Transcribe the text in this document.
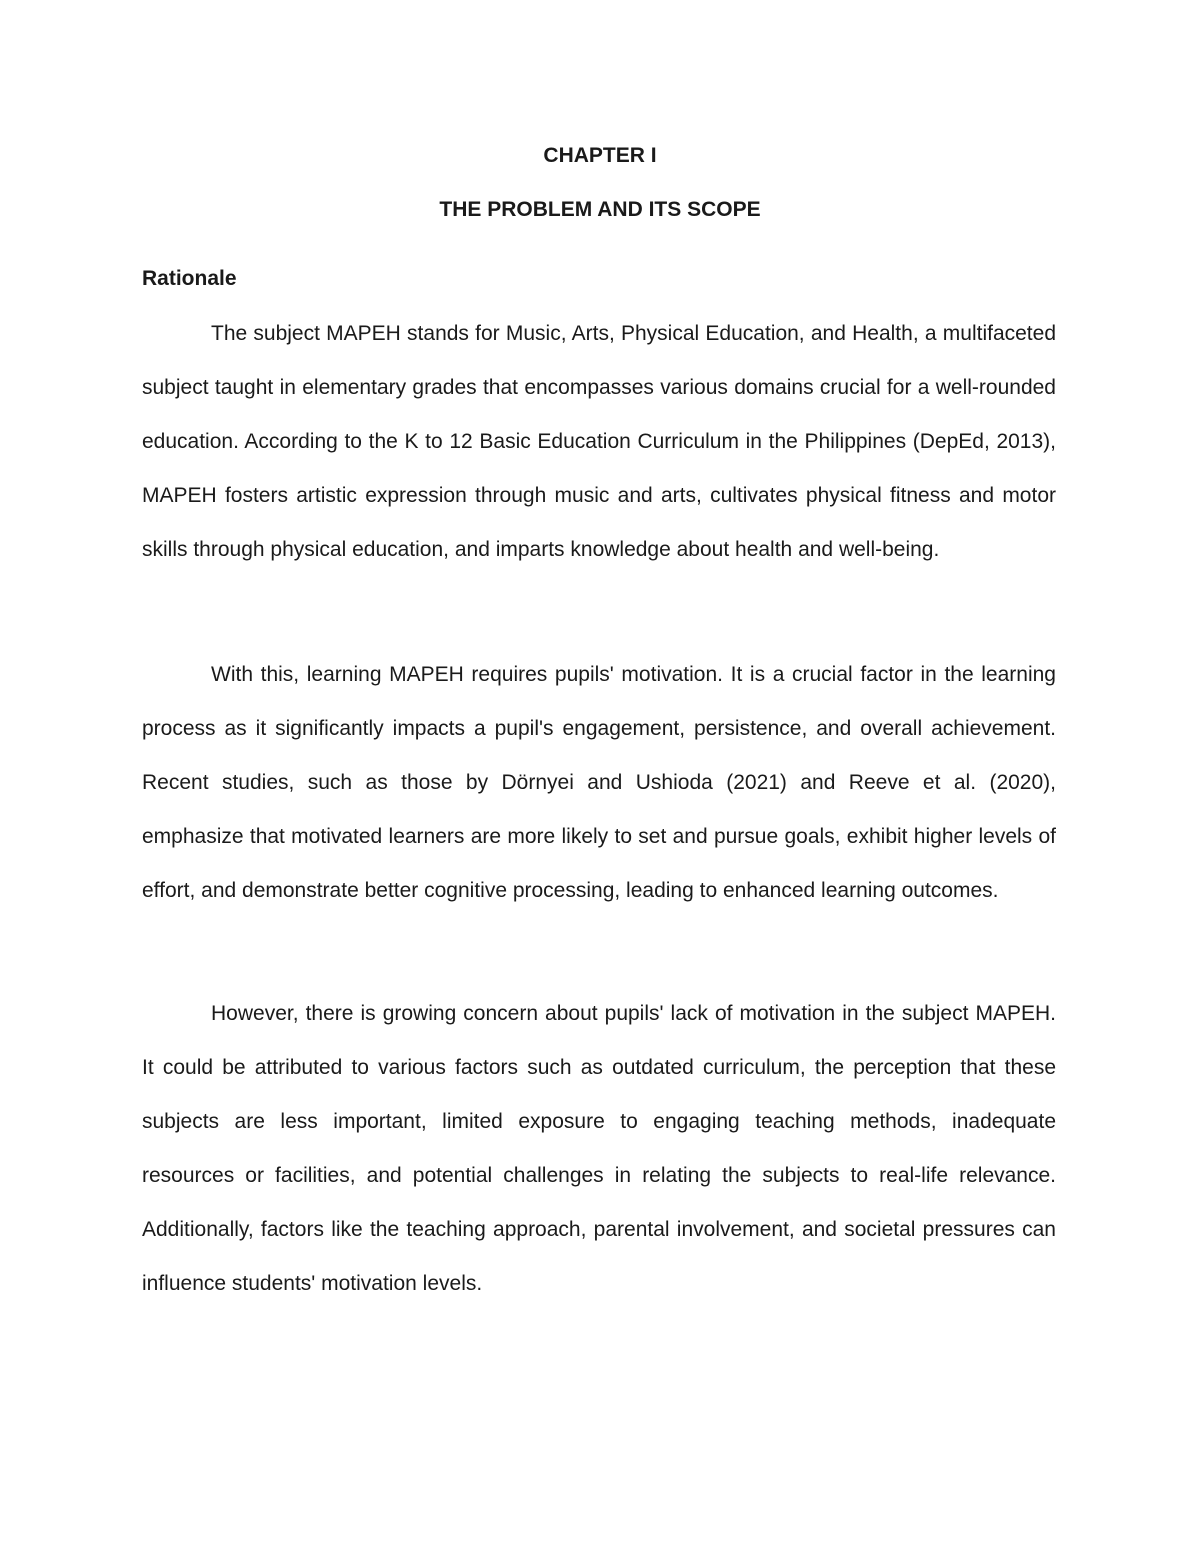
CHAPTER I
THE PROBLEM AND ITS SCOPE
Rationale

The subject MAPEH stands for Music, Arts, Physical Education, and Health, a multifaceted subject taught in elementary grades that encompasses various domains crucial for a well-rounded education. According to the K to 12 Basic Education Curriculum in the Philippines (DepEd, 2013), MAPEH fosters artistic expression through music and arts, cultivates physical fitness and motor skills through physical education, and imparts knowledge about health and well-being.

With this, learning MAPEH requires pupils' motivation. It is a crucial factor in the learning process as it significantly impacts a pupil's engagement, persistence, and overall achievement. Recent studies, such as those by Dörnyei and Ushioda (2021) and Reeve et al. (2020), emphasize that motivated learners are more likely to set and pursue goals, exhibit higher levels of effort, and demonstrate better cognitive processing, leading to enhanced learning outcomes.

However, there is growing concern about pupils' lack of motivation in the subject MAPEH. It could be attributed to various factors such as outdated curriculum, the perception that these subjects are less important, limited exposure to engaging teaching methods, inadequate resources or facilities, and potential challenges in relating the subjects to real-life relevance. Additionally, factors like the teaching approach, parental involvement, and societal pressures can influence students' motivation levels.
